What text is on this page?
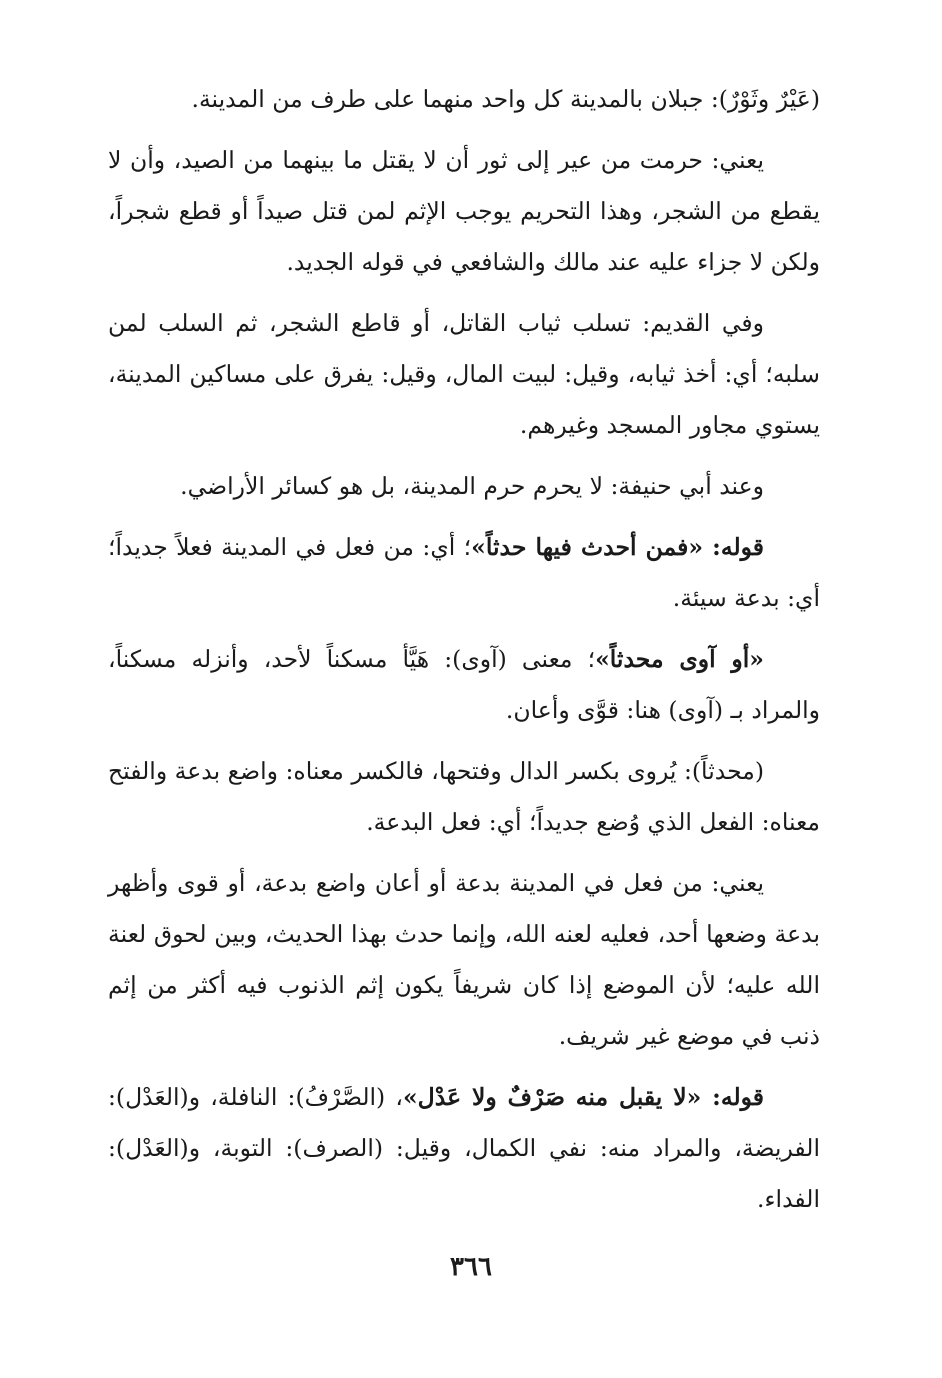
(عَيْرٌ وثَوْرٌ): جبلان بالمدينة كل واحد منهما على طرف من المدينة.

يعني: حرمت من عير إلى ثور أن لا يقتل ما بينهما من الصيد، وأن لا يقطع من الشجر، وهذا التحريم يوجب الإثم لمن قتل صيداً أو قطع شجراً، ولكن لا جزاء عليه عند مالك والشافعي في قوله الجديد.

وفي القديم: تسلب ثياب القاتل، أو قاطع الشجر، ثم السلب لمن سلبه؛ أي: أخذ ثيابه، وقيل: لبيت المال، وقيل: يفرق على مساكين المدينة، يستوي مجاور المسجد وغيرهم.

وعند أبي حنيفة: لا يحرم حرم المدينة، بل هو كسائر الأراضي.

قوله: «فمن أحدث فيها حدثاً»؛ أي: من فعل في المدينة فعلاً جديداً؛ أي: بدعة سيئة.

«أو آوى محدثاً»؛ معنى (آوى): هَيَّأ مسكناً لأحد، وأنزله مسكناً، والمراد بـ (آوى) هنا: قوَّى وأعان.

(محدثاً): يُروى بكسر الدال وفتحها، فالكسر معناه: واضع بدعة والفتح معناه: الفعل الذي وُضع جديداً؛ أي: فعل البدعة.

يعني: من فعل في المدينة بدعة أو أعان واضع بدعة، أو قوى وأظهر بدعة وضعها أحد، فعليه لعنه الله، وإنما حدث بهذا الحديث، وبين لحوق لعنة الله عليه؛ لأن الموضع إذا كان شريفاً يكون إثم الذنوب فيه أكثر من إثم ذنب في موضع غير شريف.

قوله: «لا يقبل منه صَرْفٌ ولا عَدْل»، (الصَّرْفُ): النافلة، و(العَدْل): الفريضة، والمراد منه: نفي الكمال، وقيل: (الصرف): التوبة، و(العَدْل): الفداء.

٣٦٦
